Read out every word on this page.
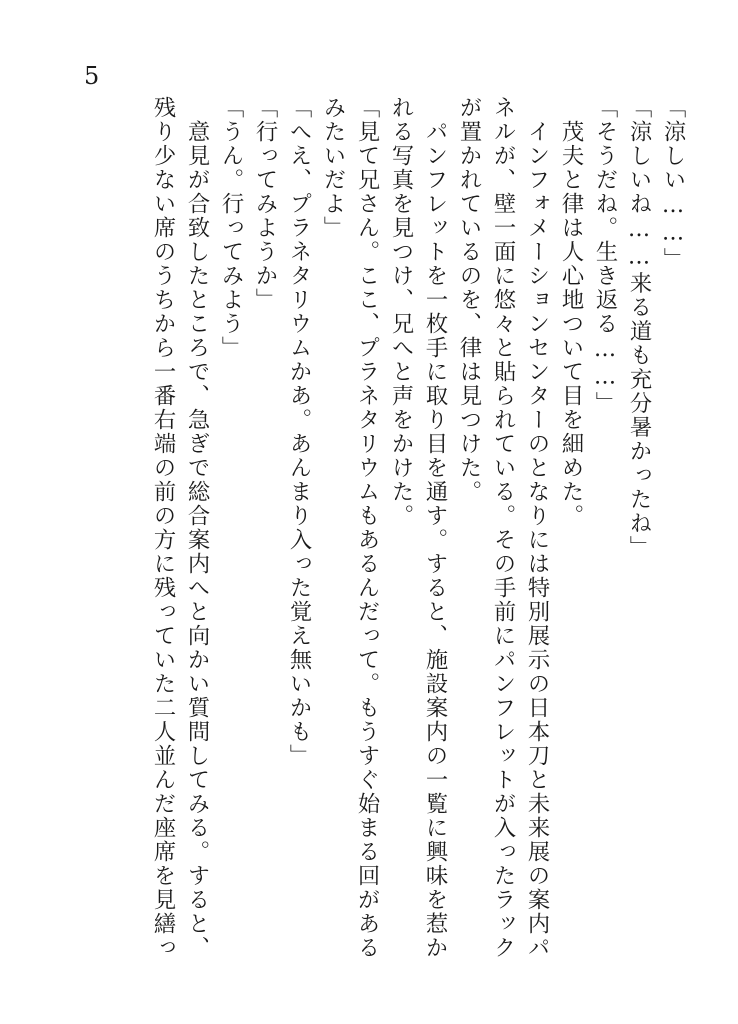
5
「涼しい……」
「涼しいね……来る道も充分暑かったね」
「そうだね。生き返る……」
　茂夫と律は人心地ついて目を細めた。
　インフォメーションセンターのとなりには特別展示の日本刀と未来展の案内パ
ネルが、壁一面に悠々と貼られている。その手前にパンフレットが入ったラック
が置かれているのを、律は見つけた。
　パンフレットを一枚手に取り目を通す。すると、施設案内の一覧に興味を惹か
れる写真を見つけ、兄へと声をかけた。
「見て兄さん。ここ、プラネタリウムもあるんだって。もうすぐ始まる回がある
みたいだよ」
「へえ、プラネタリウムかあ。あんまり入った覚え無いかも」
「行ってみようか」
「うん。行ってみよう」
　意見が合致したところで、急ぎで総合案内へと向かい質問してみる。すると、
残り少ない席のうちから一番右端の前の方に残っていた二人並んだ座席を見繕っ
